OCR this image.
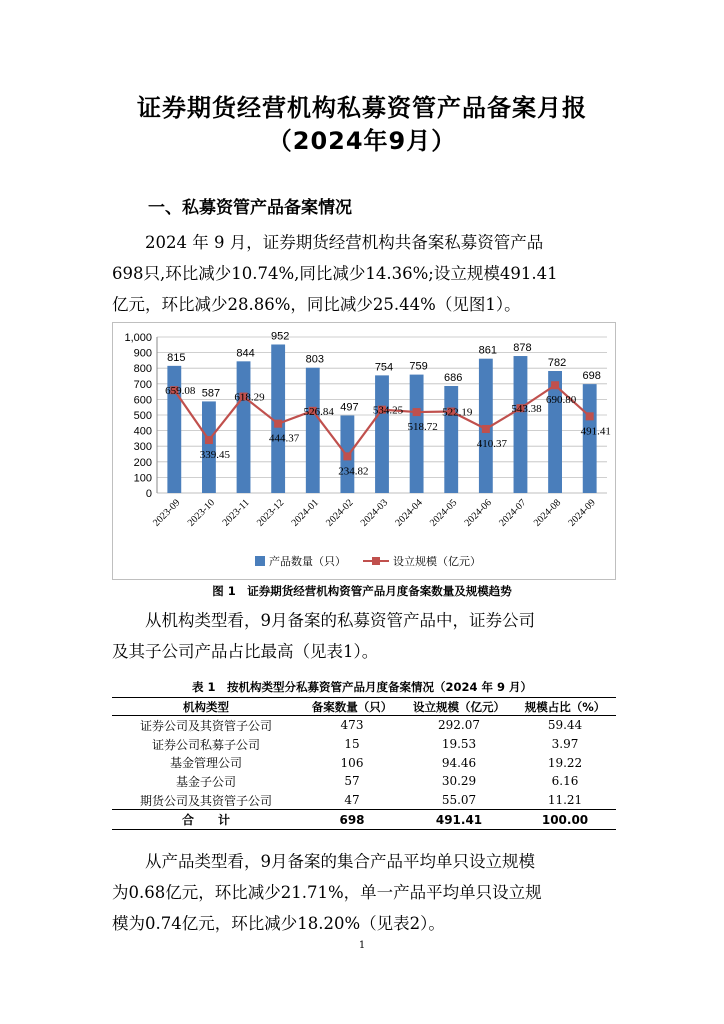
证券期货经营机构私募资管产品备案月报
（2024年9月）
一、私募资管产品备案情况
2024 年 9 月，证券期货经营机构共备案私募资管产品
698只,环比减少10.74%,同比减少14.36%;设立规模491.41
亿元，环比减少28.86%，同比减少25.44%（见图1）。
0
100
200
300
400
500
600
700
800
900
1,000
2023-09 2023-10 2023-11 2023-12 2024-01 2024-02 2024-03 2024-04 2024-05 2024-06 2024-07 2024-08 2024-09
815
587
844
952
803
497
754 759
686
861 878
782
698
659.08
339.45
618.29
444.37
526.84
234.82
534.25
518.72
522.19
410.37
543.38
690.80
491.41
产品数量（只）	设立规模（亿元）
图 1　证券期货经营机构资管产品月度备案数量及规模趋势
从机构类型看，9月备案的私募资管产品中，证券公司
及其子公司产品占比最高（见表1）。
表 1　按机构类型分私募资管产品月度备案情况（2024 年 9 月）
机构类型	备案数量（只）	设立规模（亿元）	规模占比（%）
证券公司及其资管子公司	473	292.07	59.44
证券公司私募子公司	15	19.53	3.97
基金管理公司	106	94.46	19.22
基金子公司	57	30.29	6.16
期货公司及其资管子公司	47	55.07	11.21
合　　计	698	491.41	100.00
从产品类型看，9月备案的集合产品平均单只设立规模
为0.68亿元，环比减少21.71%，单一产品平均单只设立规
模为0.74亿元，环比减少18.20%（见表2）。
1
